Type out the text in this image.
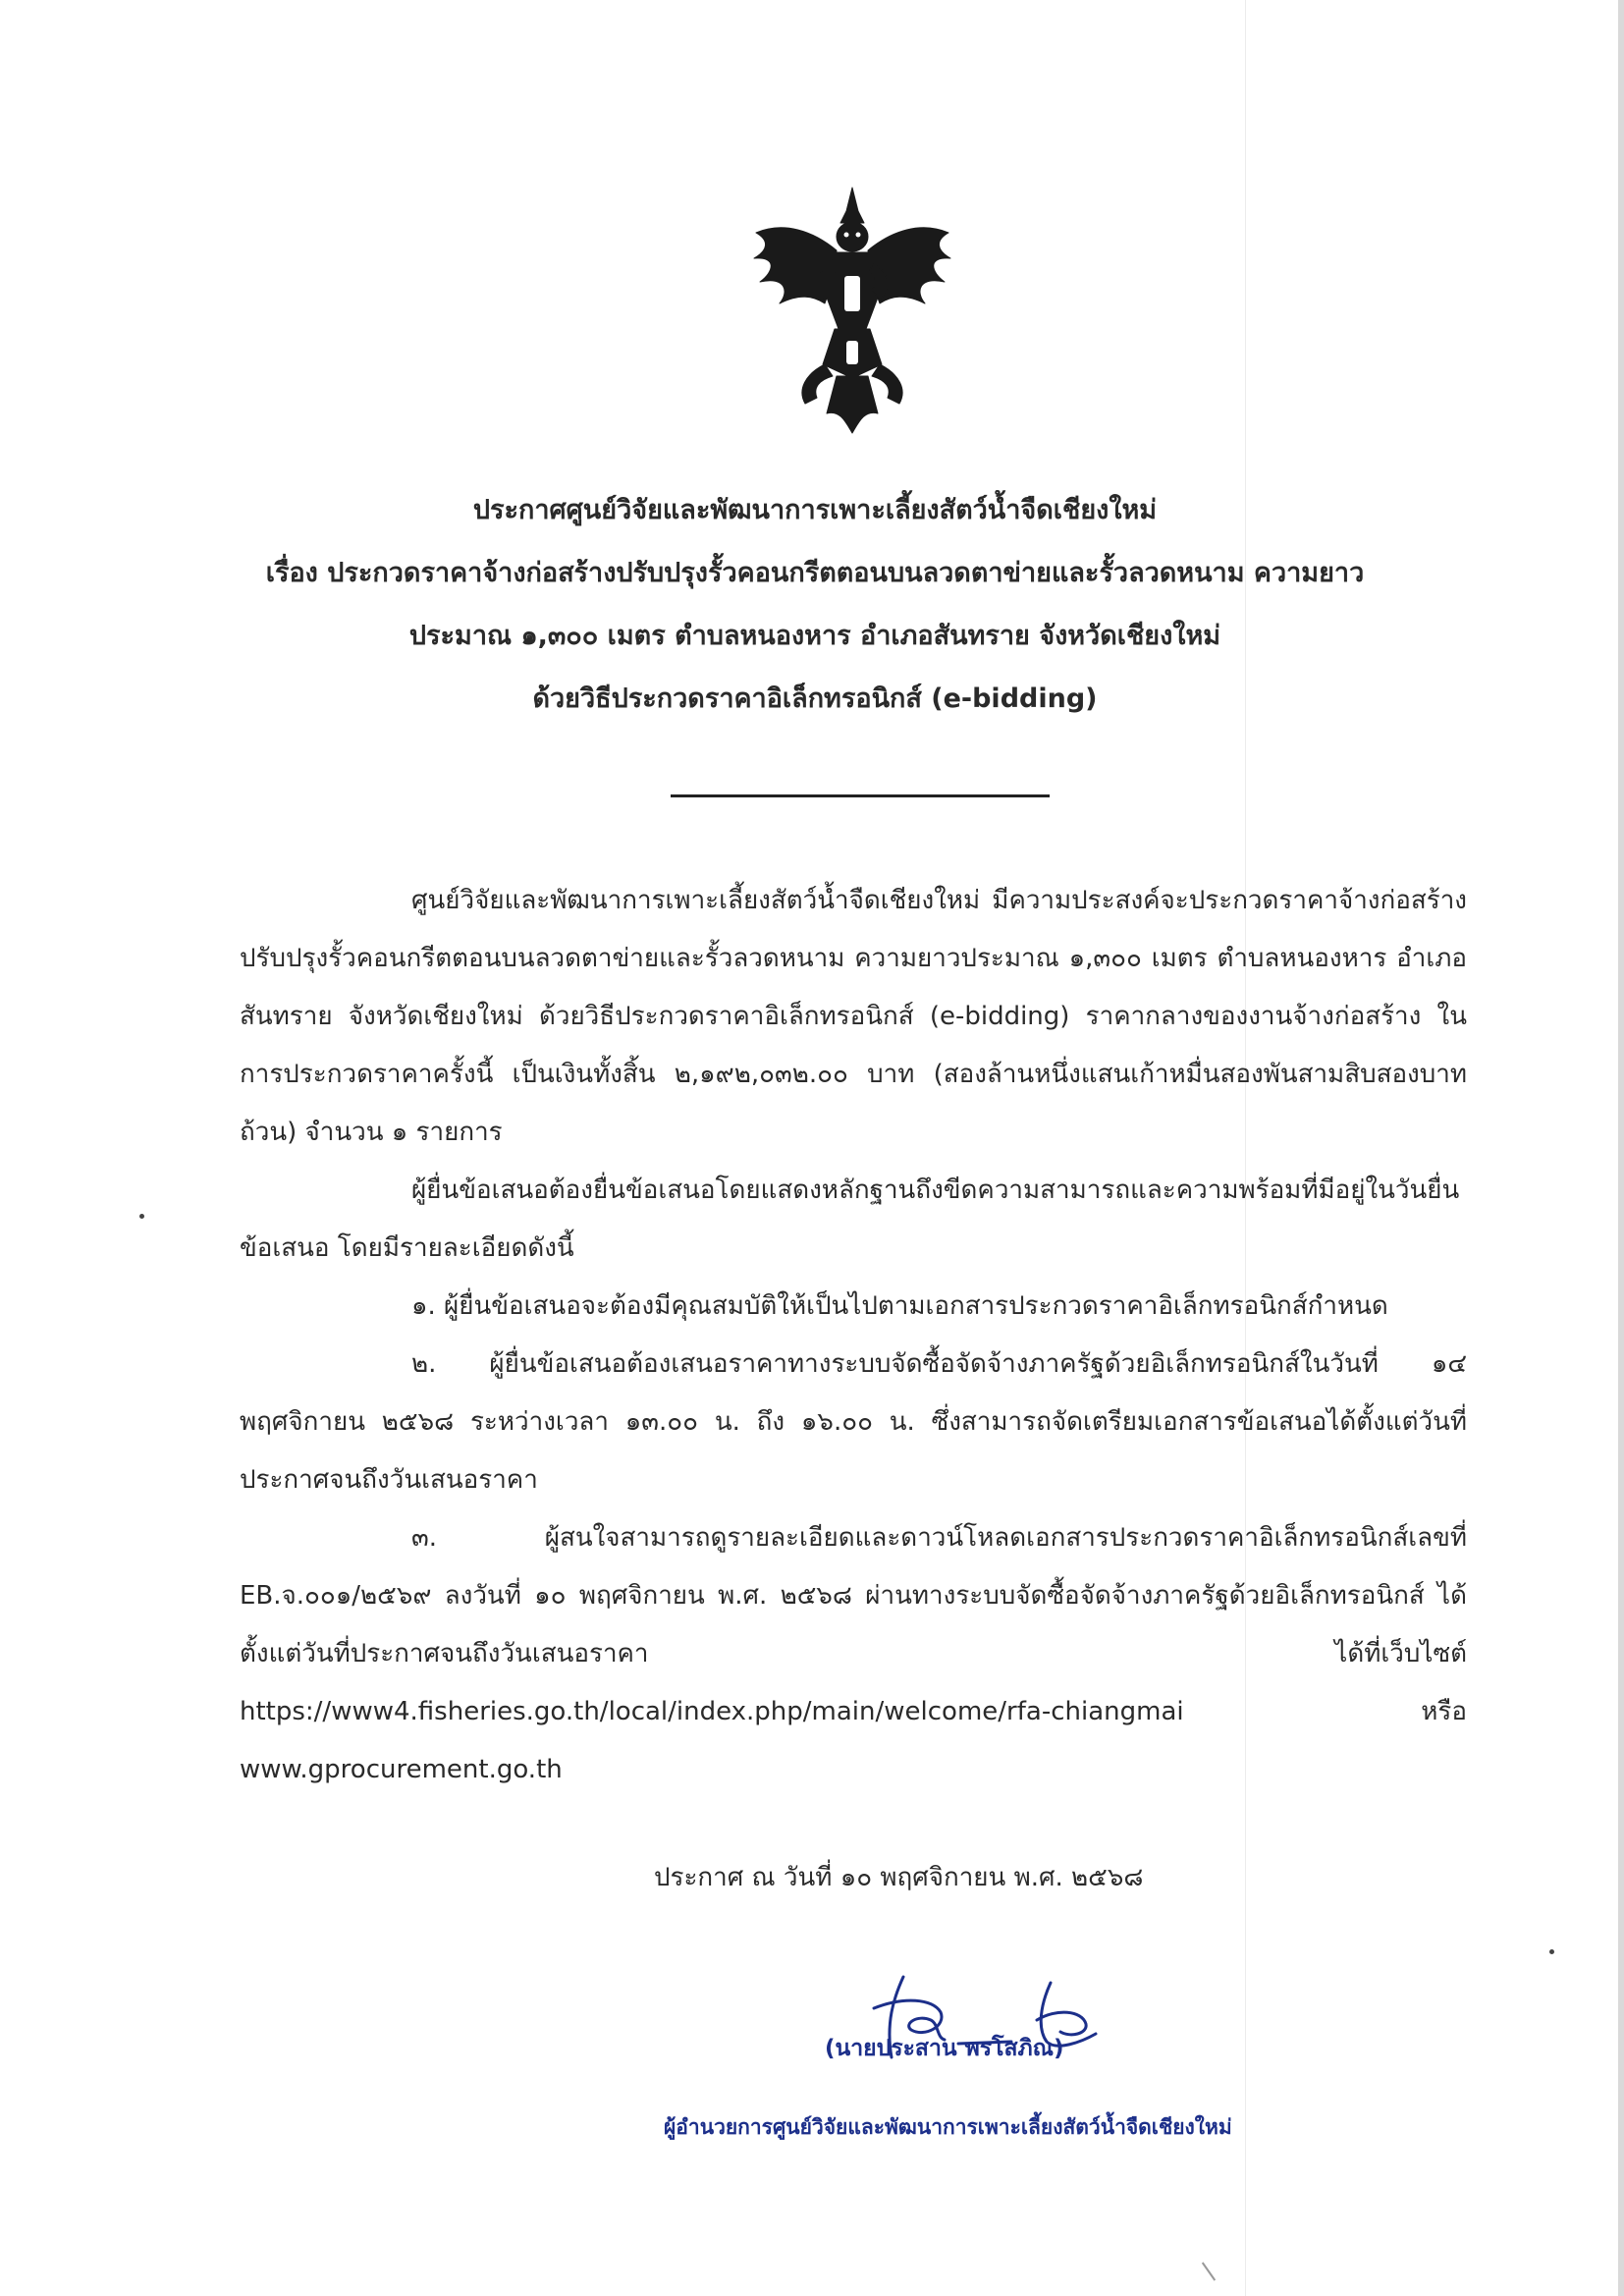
ประกาศศูนย์วิจัยและพัฒนาการเพาะเลี้ยงสัตว์น้ำจืดเชียงใหม่

เรื่อง ประกวดราคาจ้างก่อสร้างปรับปรุงรั้วคอนกรีตตอนบนลวดตาข่ายและรั้วลวดหนาม ความยาว

ประมาณ ๑,๓๐๐ เมตร ตำบลหนองหาร อำเภอสันทราย จังหวัดเชียงใหม่

ด้วยวิธีประกวดราคาอิเล็กทรอนิกส์ (e-bidding)

ศูนย์วิจัยและพัฒนาการเพาะเลี้ยงสัตว์น้ำจืดเชียงใหม่ มีความประสงค์จะประกวดราคาจ้างก่อสร้างปรับปรุงรั้วคอนกรีตตอนบนลวดตาข่ายและรั้วลวดหนาม ความยาวประมาณ ๑,๓๐๐ เมตร ตำบลหนองหาร อำเภอสันทราย จังหวัดเชียงใหม่ ด้วยวิธีประกวดราคาอิเล็กทรอนิกส์ (e-bidding) ราคากลางของงานจ้างก่อสร้าง ในการประกวดราคาครั้งนี้ เป็นเงินทั้งสิ้น ๒,๑๙๒,๐๓๒.๐๐ บาท (สองล้านหนึ่งแสนเก้าหมื่นสองพันสามสิบสองบาทถ้วน) จำนวน ๑ รายการ

ผู้ยื่นข้อเสนอต้องยื่นข้อเสนอโดยแสดงหลักฐานถึงขีดความสามารถและความพร้อมที่มีอยู่ในวันยื่นข้อเสนอ โดยมีรายละเอียดดังนี้

๑. ผู้ยื่นข้อเสนอจะต้องมีคุณสมบัติให้เป็นไปตามเอกสารประกวดราคาอิเล็กทรอนิกส์กำหนด

๒. ผู้ยื่นข้อเสนอต้องเสนอราคาทางระบบจัดซื้อจัดจ้างภาครัฐด้วยอิเล็กทรอนิกส์ในวันที่ ๑๔ พฤศจิกายน ๒๕๖๘ ระหว่างเวลา ๑๓.๐๐ น. ถึง ๑๖.๐๐ น. ซึ่งสามารถจัดเตรียมเอกสารข้อเสนอได้ตั้งแต่วันที่ประกาศจนถึงวันเสนอราคา

๓. ผู้สนใจสามารถดูรายละเอียดและดาวน์โหลดเอกสารประกวดราคาอิเล็กทรอนิกส์เลขที่ EB.จ.๐๐๑/๒๕๖๙ ลงวันที่ ๑๐ พฤศจิกายน พ.ศ. ๒๕๖๘ ผ่านทางระบบจัดซื้อจัดจ้างภาครัฐด้วยอิเล็กทรอนิกส์ ได้ตั้งแต่วันที่ประกาศจนถึงวันเสนอราคา ได้ที่เว็บไซต์ https://www4.fisheries.go.th/local/index.php/main/welcome/rfa-chiangmai หรือ www.gprocurement.go.th

ประกาศ ณ วันที่ ๑๐ พฤศจิกายน พ.ศ. ๒๕๖๘
(นายประสาน พรโสภิณ)
ผู้อำนวยการศูนย์วิจัยและพัฒนาการเพาะเลี้ยงสัตว์น้ำจืดเชียงใหม่
